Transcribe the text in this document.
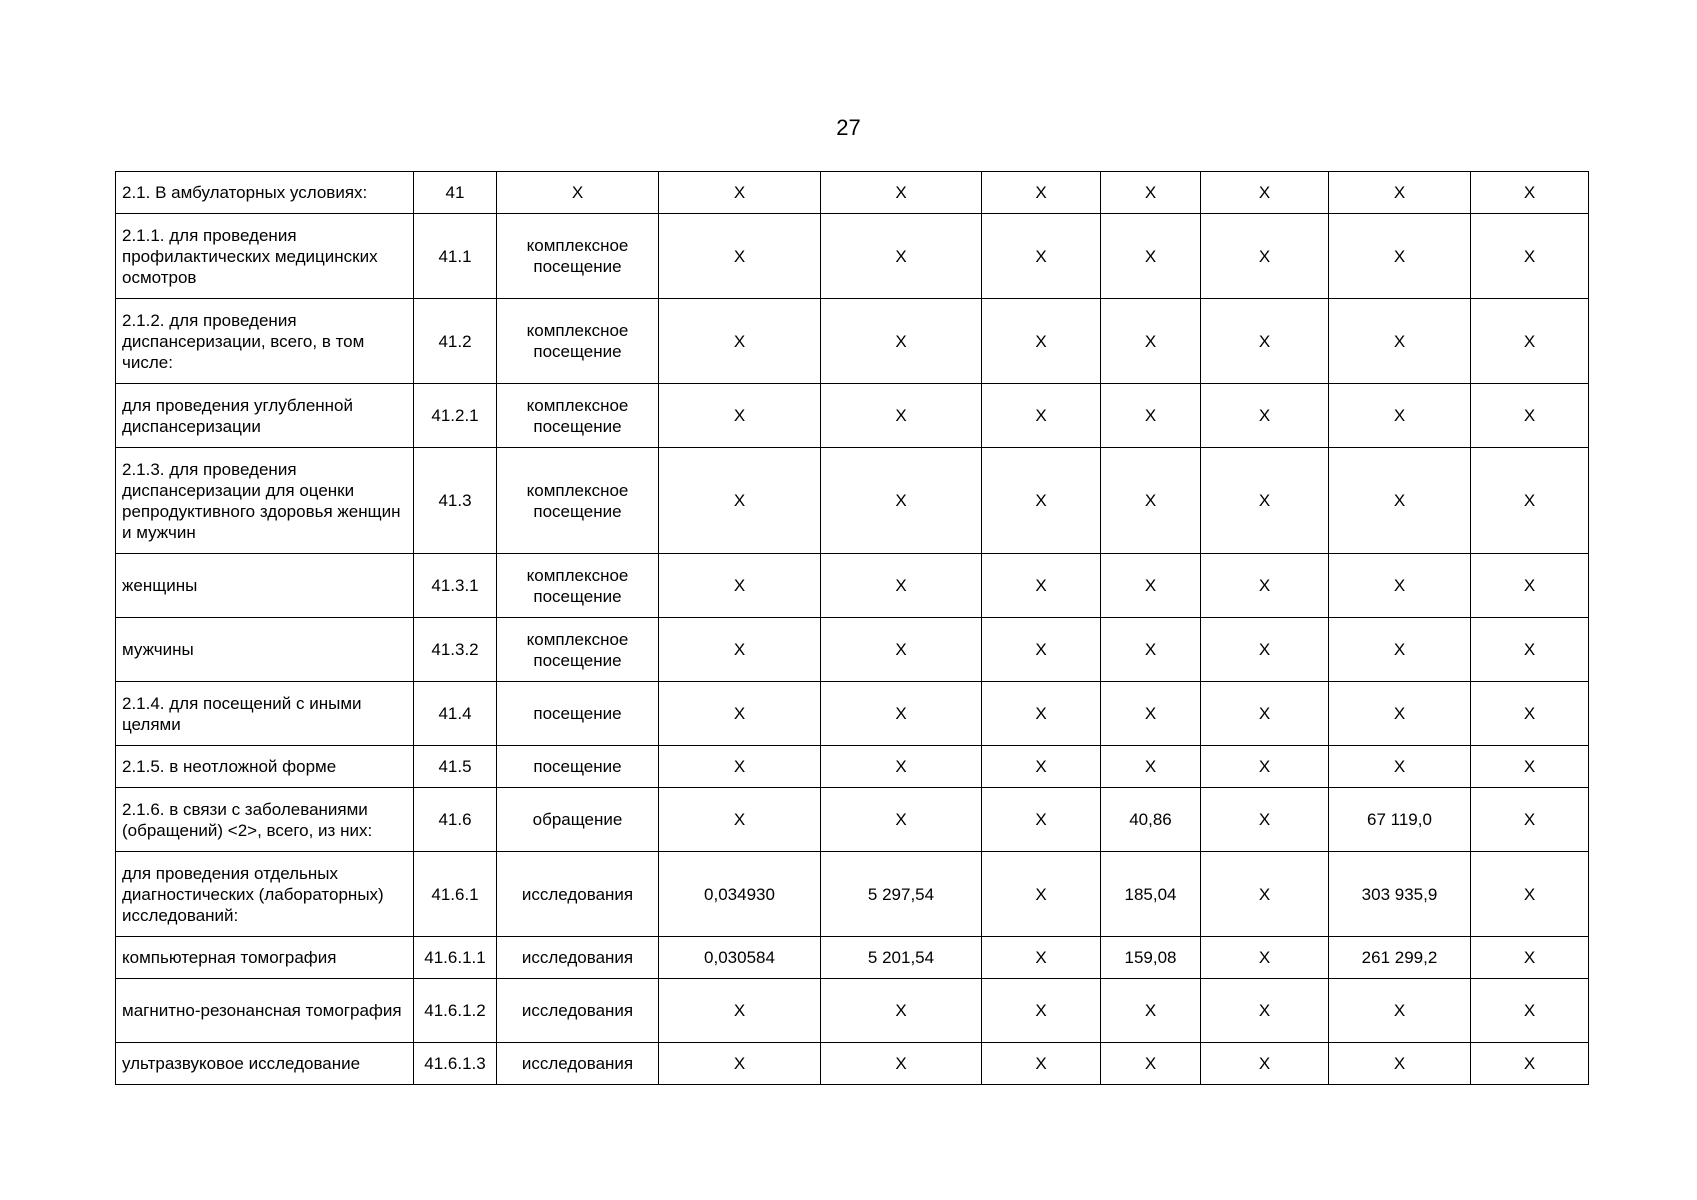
27
2.1. В амбулаторных условиях:	41	X	X	X	X	X	X	X	X
2.1.1. для проведения профилактических медицинских осмотров	41.1	комплексное посещение	X	X	X	X	X	X	X
2.1.2. для проведения диспансеризации, всего, в том числе:	41.2	комплексное посещение	X	X	X	X	X	X	X
для проведения углубленной диспансеризации	41.2.1	комплексное посещение	X	X	X	X	X	X	X
2.1.3. для проведения диспансеризации для оценки репродуктивного здоровья женщин и мужчин	41.3	комплексное посещение	X	X	X	X	X	X	X
женщины	41.3.1	комплексное посещение	X	X	X	X	X	X	X
мужчины	41.3.2	комплексное посещение	X	X	X	X	X	X	X
2.1.4. для посещений с иными целями	41.4	посещение	X	X	X	X	X	X	X
2.1.5. в неотложной форме	41.5	посещение	X	X	X	X	X	X	X
2.1.6. в связи с заболеваниями (обращений) <2>, всего, из них:	41.6	обращение	X	X	X	40,86	X	67 119,0	X
для проведения отдельных диагностических (лабораторных) исследований:	41.6.1	исследования	0,034930	5 297,54	X	185,04	X	303 935,9	X
компьютерная томография	41.6.1.1	исследования	0,030584	5 201,54	X	159,08	X	261 299,2	X
магнитно-резонансная томография	41.6.1.2	исследования	X	X	X	X	X	X	X
ультразвуковое исследование	41.6.1.3	исследования	X	X	X	X	X	X	X
